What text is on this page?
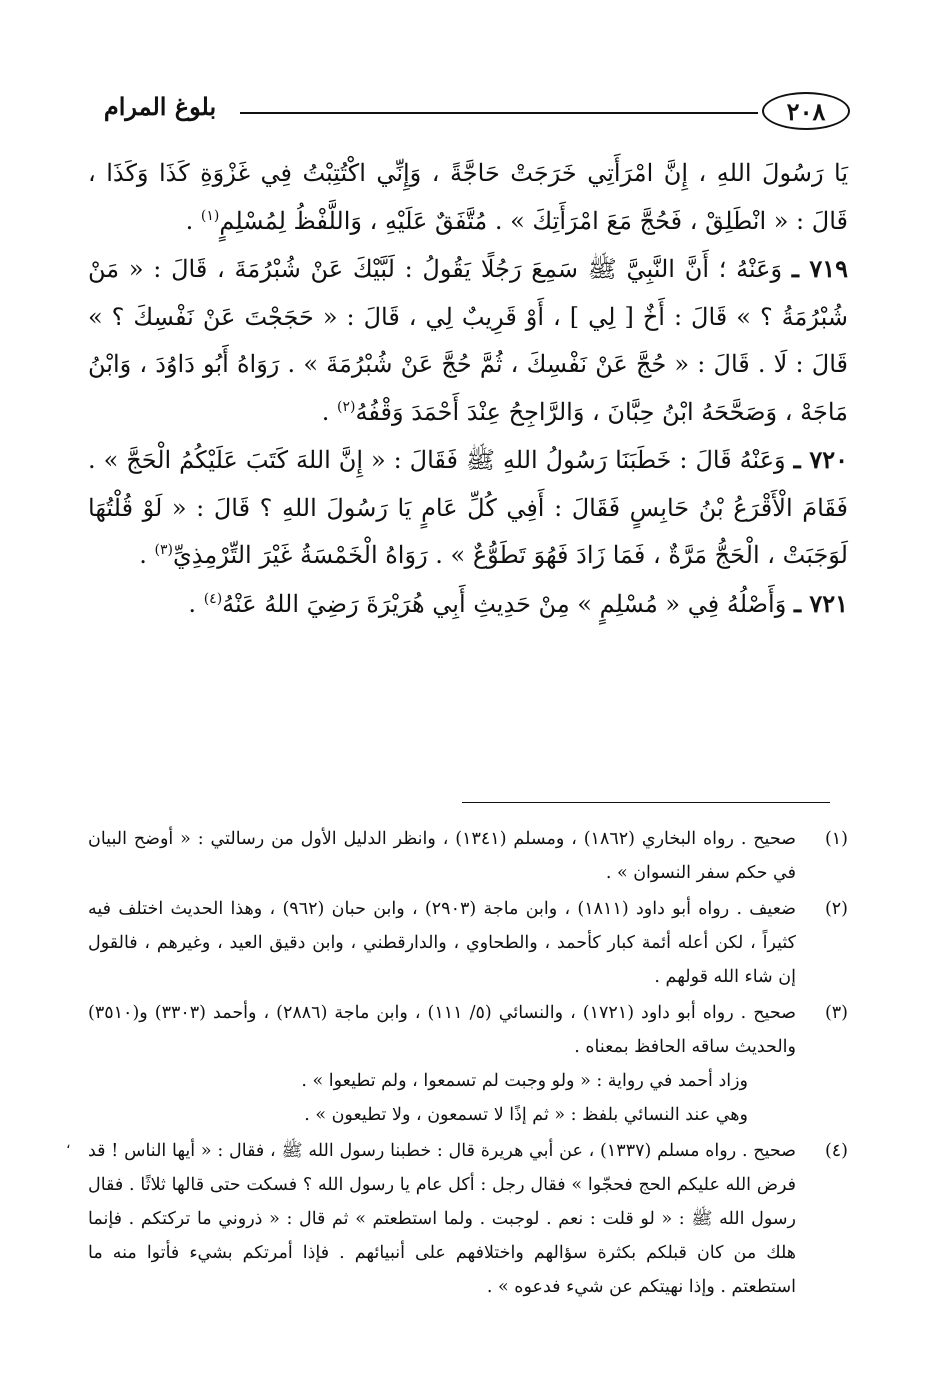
٢٠٨
بلوغ المرام

يَا رَسُولَ اللهِ ، إِنَّ امْرَأَتِي خَرَجَتْ حَاجَّةً ، وَإِنِّي اكْتُتِبْتُ فِي غَزْوَةِ كَذَا وَكَذَا ، قَالَ : « انْطَلِقْ ، فَحُجَّ مَعَ امْرَأَتِكَ » . مُتَّفَقٌ عَلَيْهِ ، وَاللَّفْظُ لِمُسْلِمٍ$^{(١)}$ .

٧١٩ ـ وَعَنْهُ ؛ أَنَّ النَّبِيَّ ﷺ سَمِعَ رَجُلًا يَقُولُ : لَبَّيْكَ عَنْ شُبْرُمَةَ ، قَالَ : « مَنْ شُبْرُمَةُ ؟ » قَالَ : أَخٌ [ لِي ] ، أَوْ قَرِيبٌ لِي ، قَالَ : « حَجَجْتَ عَنْ نَفْسِكَ ؟ » قَالَ : لَا . قَالَ : « حُجَّ عَنْ نَفْسِكَ ، ثُمَّ حُجَّ عَنْ شُبْرُمَةَ » . رَوَاهُ أَبُو دَاوُدَ ، وَابْنُ مَاجَهْ ، وَصَحَّحَهُ ابْنُ حِبَّانَ ، وَالرَّاجِحُ عِنْدَ أَحْمَدَ وَقْفُهُ$^{(٢)}$ .

٧٢٠ ـ وَعَنْهُ قَالَ : خَطَبَنَا رَسُولُ اللهِ ﷺ فَقَالَ : « إِنَّ اللهَ كَتَبَ عَلَيْكُمُ الْحَجَّ » . فَقَامَ الْأَقْرَعُ بْنُ حَابِسٍ فَقَالَ : أَفِي كُلِّ عَامٍ يَا رَسُولَ اللهِ ؟ قَالَ : « لَوْ قُلْتُهَا لَوَجَبَتْ ، الْحَجُّ مَرَّةٌ ، فَمَا زَادَ فَهُوَ تَطَوُّعٌ » . رَوَاهُ الْخَمْسَةُ غَيْرَ التِّرْمِذِيِّ$^{(٣)}$ .

٧٢١ ـ وَأَصْلُهُ فِي « مُسْلِمٍ » مِنْ حَدِيثِ أَبِي هُرَيْرَةَ رَضِيَ اللهُ عَنْهُ$^{(٤)}$ .

(١)

صحيح . رواه البخاري (١٨٦٢) ، ومسلم (١٣٤١) ، وانظر الدليل الأول من رسالتي : « أوضح البيان في حكم سفر النسوان » .

(٢)

ضعيف . رواه أبو داود (١٨١١) ، وابن ماجة (٢٩٠٣) ، وابن حبان (٩٦٢) ، وهذا الحديث اختلف فيه كثيراً ، لكن أعله أئمة كبار كأحمد ، والطحاوي ، والدارقطني ، وابن دقيق العيد ، وغيرهم ، فالقول إن شاء الله قولهم .

(٣)

صحيح . رواه أبو داود (١٧٢١) ، والنسائي (٥/ ١١١) ، وابن ماجة (٢٨٨٦) ، وأحمد (٣٣٠٣) و(٣٥١٠) والحديث ساقه الحافظ بمعناه .

وزاد أحمد في رواية : « ولو وجبت لم تسمعوا ، ولم تطيعوا » .

وهي عند النسائي بلفظ : « ثم إذًا لا تسمعون ، ولا تطيعون » .

(٤)

صحيح . رواه مسلم (١٣٣٧) ، عن أبي هريرة قال : خطبنا رسول الله ﷺ ، فقال : « أيها الناس ! قد فرض الله عليكم الحج فحجّوا » فقال رجل : أكل عام يا رسول الله ؟ فسكت حتى قالها ثلاثًا . فقال رسول الله ﷺ : « لو قلت : نعم . لوجبت . ولما استطعتم » ثم قال : « ذروني ما تركتكم . فإنما هلك من كان قبلكم بكثرة سؤالهم واختلافهم على أنبيائهم . فإذا أمرتكم بشيء فأتوا منه ما استطعتم . وإذا نهيتكم عن شيء فدعوه » .

،
